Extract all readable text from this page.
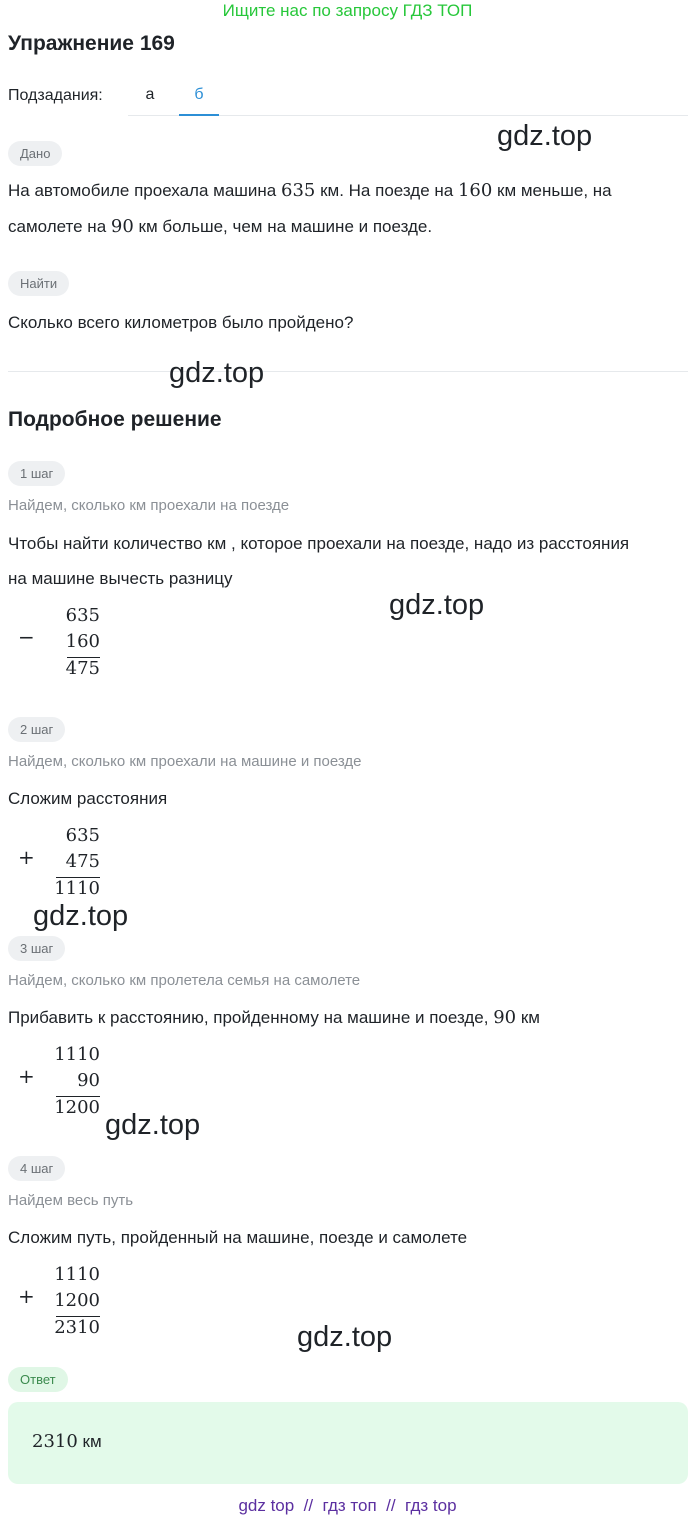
Ищите нас по запросу ГДЗ ТОП
Упражнение 169
Подзадания:	а	б
gdz.top
Дано
На автомобиле проехала машина 635 км. На поезде на 160 км меньше, на
самолете на 90 км больше, чем на машине и поезде.
Найти
Сколько всего километров было пройдено?
gdz.top
Подробное решение
1 шаг
Найдем, сколько км проехали на поезде
Чтобы найти количество км , которое проехали на поезде, надо из расстояния
на машине вычесть разницу
−
635
160
475
gdz.top
2 шаг
Найдем, сколько км проехали на машине и поезде
Сложим расстояния
+
635
475
1110
gdz.top
3 шаг
Найдем, сколько км пролетела семья на самолете
Прибавить к расстоянию, пройденному на машине и поезде, 90 км
+
1110
90
1200
gdz.top
4 шаг
Найдем весь путь
Сложим путь, пройденный на машине, поезде и самолете
+
1110
1200
2310	gdz.top
Ответ
2310 км
gdz top  //  гдз топ  //  гдз top
